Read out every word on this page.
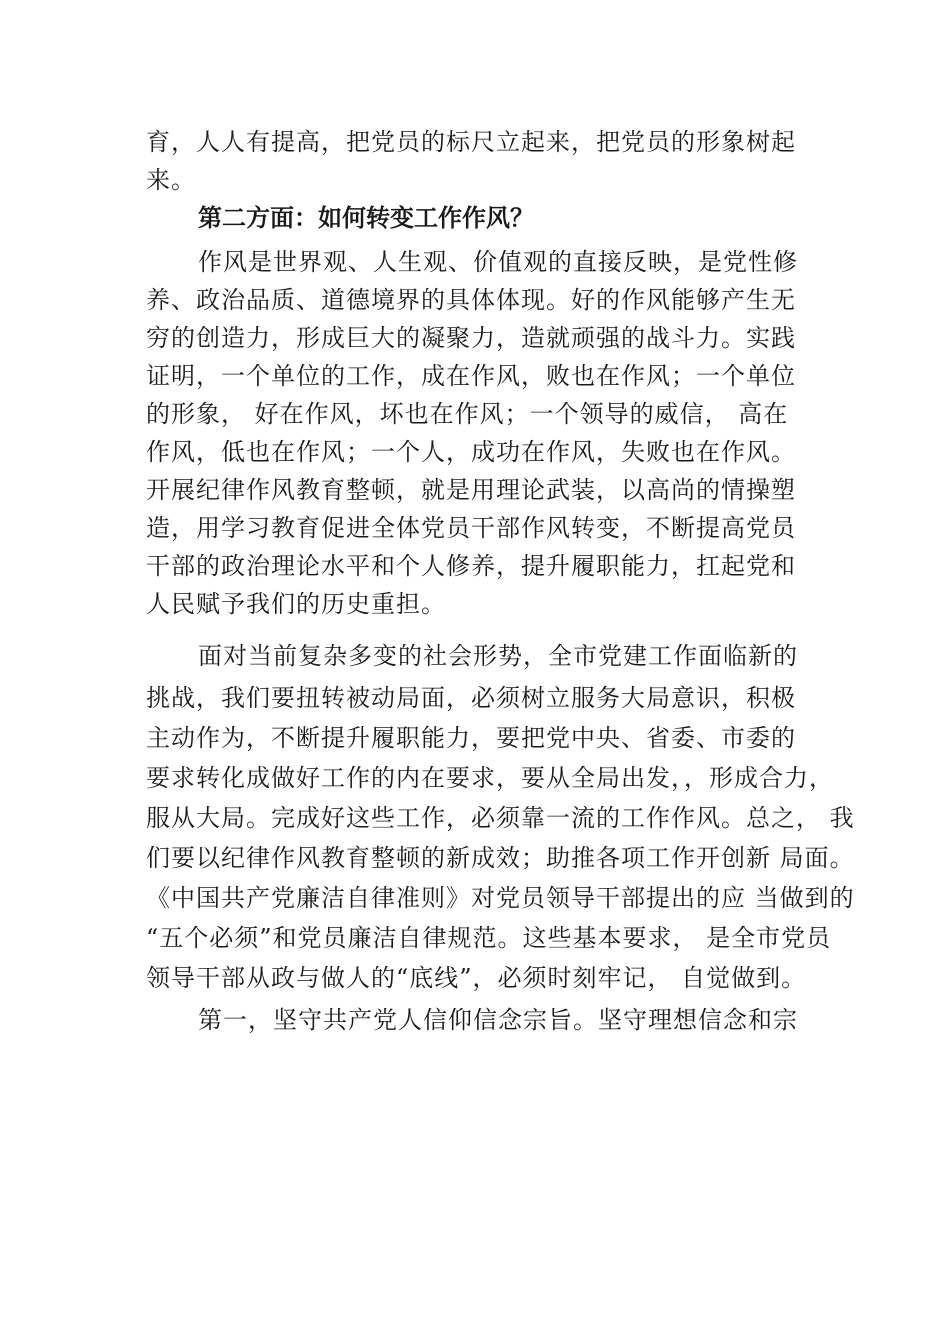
育，人人有提高，把党员的标尺立起来，把党员的形象树起
来。
第二方面：如何转变工作作风？
作风是世界观、人生观、价值观的直接反映，是党性修
养、政治品质、道德境界的具体体现。好的作风能够产生无
穷的创造力，形成巨大的凝聚力，造就顽强的战斗力。实践
证明，一个单位的工作，成在作风，败也在作风；一个单位
的形象， 好在作风，坏也在作风；一个领导的威信， 高在
作风，低也在作风；一个人，成功在作风，失败也在作风。
开展纪律作风教育整顿，就是用理论武装，以高尚的情操塑
造，用学习教育促进全体党员干部作风转变，不断提高党员
干部的政治理论水平和个人修养，提升履职能力，扛起党和
人民赋予我们的历史重担。
面对当前复杂多变的社会形势，全市党建工作面临新的
挑战，我们要扭转被动局面，必须树立服务大局意识，积极
主动作为，不断提升履职能力，要把党中央、省委、市委的
要求转化成做好工作的内在要求，要从全局出发，，形成合力，
服从大局。完成好这些工作，必须靠一流的工作作风。总之， 我
们要以纪律作风教育整顿的新成效；助推各项工作开创新 局面。
《中国共产党廉洁自律准则》对党员领导干部提出的应 当做到的
“五个必须”和党员廉洁自律规范。这些基本要求， 是全市党员
领导干部从政与做人的“底线”，必须时刻牢记， 自觉做到。
第一，坚守共产党人信仰信念宗旨。坚守理想信念和宗
